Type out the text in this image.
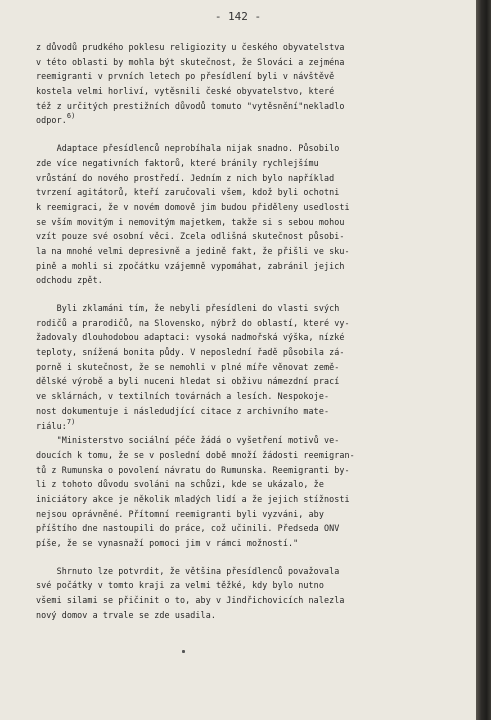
- 142 -
z důvodů prudkého poklesu religiozity u českého obyvatelstva
v této oblasti by mohla být skutečnost, že Slováci a zejména
reemigranti v prvních letech po přesídlení byli v návštěvě
kostela velmi horliví, vytěsnili české obyvatelstvo, které
též z určitých prestižních důvodů tomuto "vytěsnění"nekladlo
odpor.$^{6)}$
Adaptace přesídlenců neprobíhala nijak snadno. Působilo
zde více negativních faktorů, které bránily rychlejšímu
vrůstání do nového prostředí. Jedním z nich bylo například
tvrzení agitátorů, kteří zaručovali všem, kdož byli ochotni
k reemigraci, že v novém domově jim budou přiděleny usedlosti
se vším movitým i nemovitým majetkem, takže si s sebou mohou
vzít pouze své osobní věci. Zcela odlišná skutečnost působi-
la na mnohé velmi depresivně a jedině fakt, že přišli ve sku-
pině a mohli si zpočátku vzájemně vypomáhat, zabránil jejich
odchodu zpět.
Byli zklamáni tím, že nebyli přesídleni do vlasti svých
rodičů a prarodičů, na Slovensko, nýbrž do oblastí, které vy-
žadovaly dlouhodobou adaptaci: vysoká nadmořská výška, nízké
teploty, snížená bonita půdy. V neposlední řadě působila zá-
porně i skutečnost, že se nemohli v plné míře věnovat země-
dělské výrobě a byli nuceni hledat si obživu námezdní prací
ve sklárnách, v textilních továrnách a lesích. Nespokoje-
nost dokumentuje i následudjící citace z archivního mate-
riálu:$^{7)}$
"Ministerstvo sociální péče žádá o vyšetření motivů ve-
doucích k tomu, že se v poslední době množí žádosti reemigran-
tů z Rumunska o povolení návratu do Rumunska. Reemigranti by-
li z tohoto důvodu svoláni na schůzi, kde se ukázalo, že
iniciátory akce je několik mladých lidí a že jejich stížnosti
nejsou oprávněné. Přítomní reemigranti byli vyzváni, aby
příštího dne nastoupili do práce, což učinili. Předseda ONV
píše, že se vynasnaží pomoci jim v rámci možností."
Shrnuto lze potvrdit, že většina přesídlenců považovala
své počátky v tomto kraji za velmi těžké, kdy bylo nutno
všemi silami se přičinit o to, aby v Jindřichovicích nalezla
nový domov a trvale se zde usadila.
